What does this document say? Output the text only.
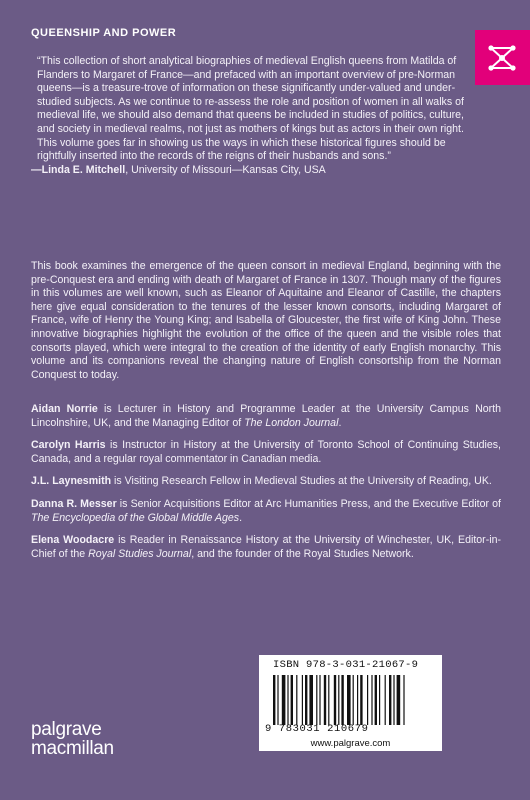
QUEENSHIP AND POWER
“This collection of short analytical biographies of medieval English queens from Matilda of Flanders to Margaret of France—and prefaced with an important overview of pre-Norman queens—is a treasure-trove of information on these significantly under-valued and under-studied subjects. As we continue to re-assess the role and position of women in all walks of medieval life, we should also demand that queens be included in studies of politics, culture, and society in medieval realms, not just as mothers of kings but as actors in their own right. This volume goes far in showing us the ways in which these historical figures should be rightfully inserted into the records of the reigns of their husbands and sons.”
—Linda E. Mitchell, University of Missouri—Kansas City, USA
This book examines the emergence of the queen consort in medieval England, beginning with the pre-Conquest era and ending with death of Margaret of France in 1307. Though many of the figures in this volumes are well known, such as Eleanor of Aquitaine and Eleanor of Castille, the chapters here give equal consideration to the tenures of the lesser known consorts, including Margaret of France, wife of Henry the Young King; and Isabella of Gloucester, the first wife of King John. These innovative biographies highlight the evolution of the office of the queen and the visible roles that consorts played, which were integral to the creation of the identity of early English monarchy. This volume and its companions reveal the changing nature of English consortship from the Norman Conquest to today.

Aidan Norrie is Lecturer in History and Programme Leader at the University Campus North Lincolnshire, UK, and the Managing Editor of The London Journal.

Carolyn Harris is Instructor in History at the University of Toronto School of Continuing Studies, Canada, and a regular royal commentator in Canadian media.

J.L. Laynesmith is Visiting Research Fellow in Medieval Studies at the University of Reading, UK.

Danna R. Messer is Senior Acquisitions Editor at Arc Humanities Press, and the Executive Editor of The Encyclopedia of the Global Middle Ages.

Elena Woodacre is Reader in Renaissance History at the University of Winchester, UK, Editor-in-Chief of the Royal Studies Journal, and the founder of the Royal Studies Network.

ISBN 978-3-031-21067-9
9 783031 210679
www.palgrave.com
palgrave
macmillan
